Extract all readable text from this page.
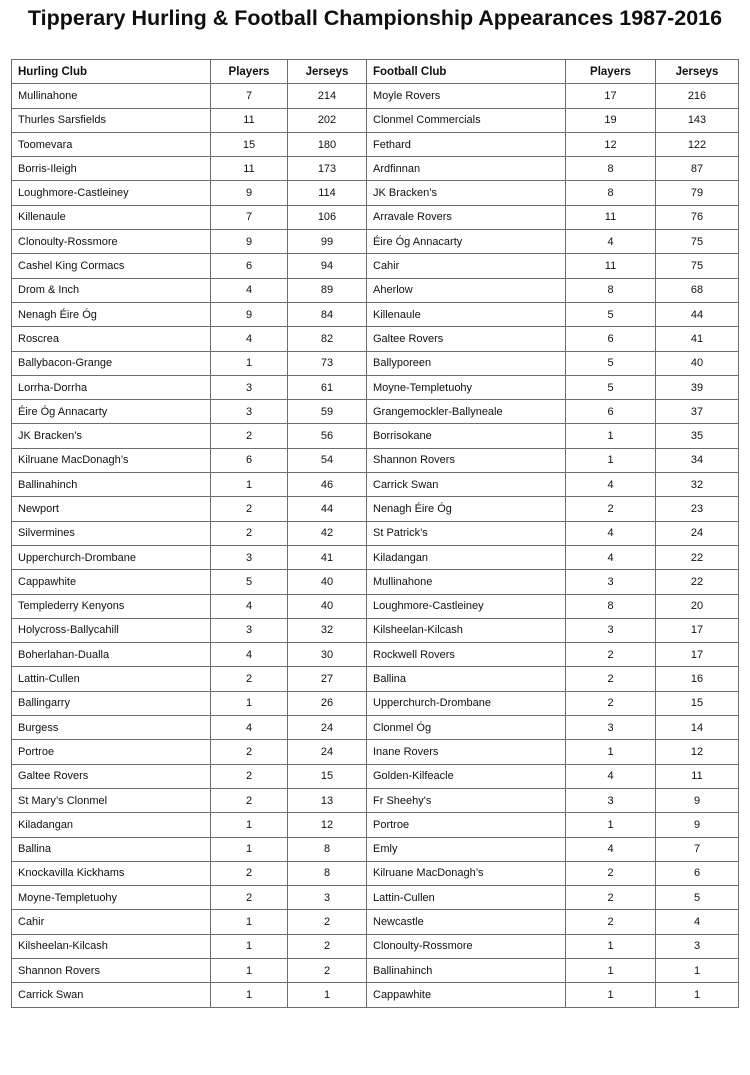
Tipperary Hurling & Football Championship Appearances 1987-2016
Hurling Club	Players	Jerseys	Football Club	Players	Jerseys
Mullinahone	7	214	Moyle Rovers	17	216
Thurles Sarsfields	11	202	Clonmel Commercials	19	143
Toomevara	15	180	Fethard	12	122
Borris-Ileigh	11	173	Ardfinnan	8	87
Loughmore-Castleiney	9	114	JK Bracken’s	8	79
Killenaule	7	106	Arravale Rovers	11	76
Clonoulty-Rossmore	9	99	Éire Óg Annacarty	4	75
Cashel King Cormacs	6	94	Cahir	11	75
Drom & Inch	4	89	Aherlow	8	68
Nenagh Éire Óg	9	84	Killenaule	5	44
Roscrea	4	82	Galtee Rovers	6	41
Ballybacon-Grange	1	73	Ballyporeen	5	40
Lorrha-Dorrha	3	61	Moyne-Templetuohy	5	39
Éire Óg Annacarty	3	59	Grangemockler-Ballyneale	6	37
JK Bracken’s	2	56	Borrisokane	1	35
Kilruane MacDonagh’s	6	54	Shannon Rovers	1	34
Ballinahinch	1	46	Carrick Swan	4	32
Newport	2	44	Nenagh Éire Óg	2	23
Silvermines	2	42	St Patrick’s	4	24
Upperchurch-Drombane	3	41	Kiladangan	4	22
Cappawhite	5	40	Mullinahone	3	22
Templederry Kenyons	4	40	Loughmore-Castleiney	8	20
Holycross-Ballycahill	3	32	Kilsheelan-Kilcash	3	17
Boherlahan-Dualla	4	30	Rockwell Rovers	2	17
Lattin-Cullen	2	27	Ballina	2	16
Ballingarry	1	26	Upperchurch-Drombane	2	15
Burgess	4	24	Clonmel Óg	3	14
Portroe	2	24	Inane Rovers	1	12
Galtee Rovers	2	15	Golden-Kilfeacle	4	11
St Mary’s Clonmel	2	13	Fr Sheehy's	3	9
Kiladangan	1	12	Portroe	1	9
Ballina	1	8	Emly	4	7
Knockavilla Kickhams	2	8	Kilruane MacDonagh’s	2	6
Moyne-Templetuohy	2	3	Lattin-Cullen	2	5
Cahir	1	2	Newcastle	2	4
Kilsheelan-Kilcash	1	2	Clonoulty-Rossmore	1	3
Shannon Rovers	1	2	Ballinahinch	1	1
Carrick Swan	1	1	Cappawhite	1	1
